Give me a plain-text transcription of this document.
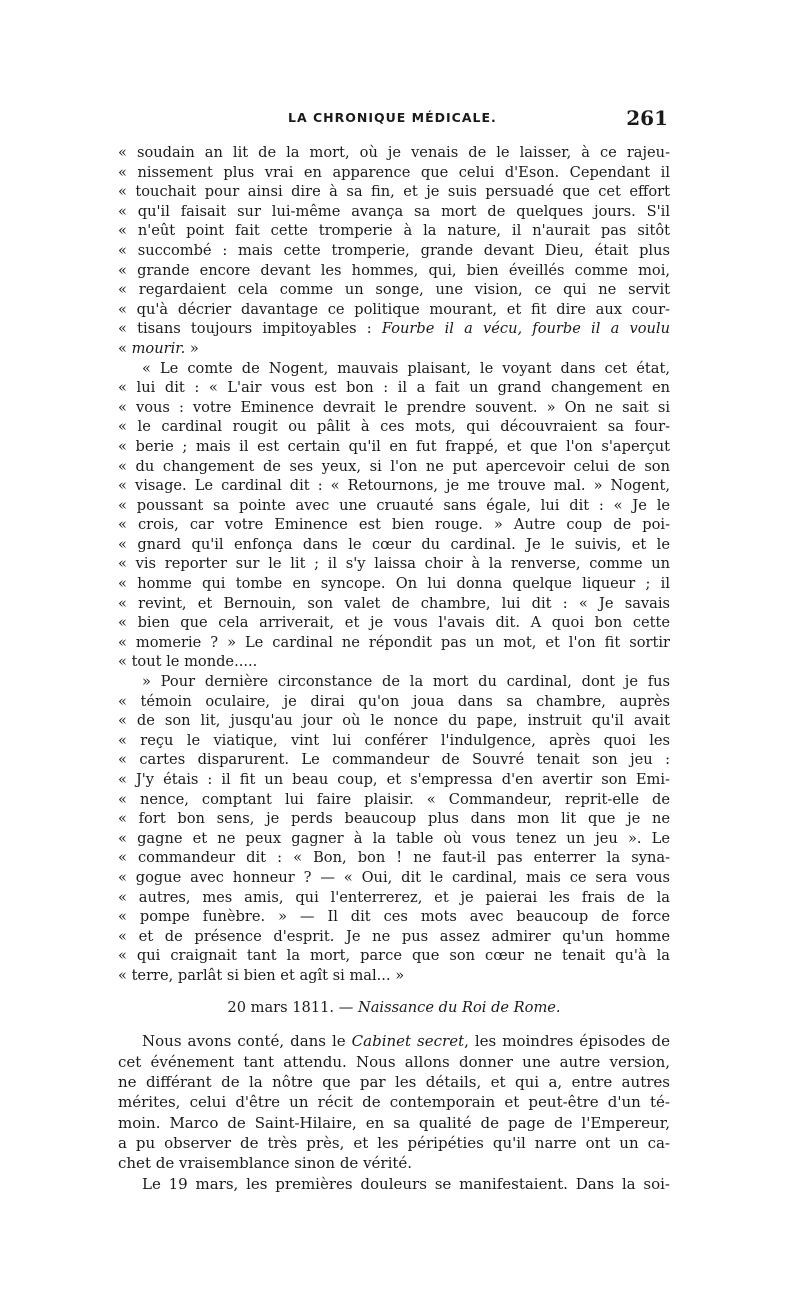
LA CHRONIQUE MÉDICALE.	261
« soudain an lit de la mort, où je venais de le laisser, à ce rajeu-
« nissement plus vrai en apparence que celui d'Eson. Cependant il
« touchait pour ainsi dire à sa fin, et je suis persuadé que cet effort
« qu'il faisait sur lui-même avança sa mort de quelques jours. S'il
« n'eût point fait cette tromperie à la nature, il n'aurait pas sitôt
« succombé : mais cette tromperie, grande devant Dieu, était plus
« grande encore devant les hommes, qui, bien éveillés comme moi,
« regardaient cela comme un songe, une vision, ce qui ne servit
« qu'à décrier davantage ce politique mourant, et fit dire aux cour-
« tisans toujours impitoyables : Fourbe il a vécu, fourbe il a voulu
« mourir. »
« Le comte de Nogent, mauvais plaisant, le voyant dans cet état,
« lui dit : « L'air vous est bon : il a fait un grand changement en
« vous : votre Eminence devrait le prendre souvent. » On ne sait si
« le cardinal rougit ou pâlit à ces mots, qui découvraient sa four-
« berie ; mais il est certain qu'il en fut frappé, et que l'on s'aperçut
« du changement de ses yeux, si l'on ne put apercevoir celui de son
« visage. Le cardinal dit : « Retournons, je me trouve mal. » Nogent,
« poussant sa pointe avec une cruauté sans égale, lui dit : « Je le
« crois, car votre Eminence est bien rouge. » Autre coup de poi-
« gnard qu'il enfonça dans le cœur du cardinal. Je le suivis, et le
« vis reporter sur le lit ; il s'y laissa choir à la renverse, comme un
« homme qui tombe en syncope. On lui donna quelque liqueur ; il
« revint, et Bernouin, son valet de chambre, lui dit : « Je savais
« bien que cela arriverait, et je vous l'avais dit. A quoi bon cette
« momerie ? » Le cardinal ne répondit pas un mot, et l'on fit sortir
« tout le monde.....
» Pour dernière circonstance de la mort du cardinal, dont je fus
« témoin oculaire, je dirai qu'on joua dans sa chambre, auprès
« de son lit, jusqu'au jour où le nonce du pape, instruit qu'il avait
« reçu le viatique, vint lui conférer l'indulgence, après quoi les
« cartes disparurent. Le commandeur de Souvré tenait son jeu :
« J'y étais : il fit un beau coup, et s'empressa d'en avertir son Emi-
« nence, comptant lui faire plaisir. « Commandeur, reprit-elle de
« fort bon sens, je perds beaucoup plus dans mon lit que je ne
« gagne et ne peux gagner à la table où vous tenez un jeu ». Le
« commandeur dit : « Bon, bon ! ne faut-il pas enterrer la syna-
« gogue avec honneur ? — « Oui, dit le cardinal, mais ce sera vous
« autres, mes amis, qui l'enterrerez, et je paierai les frais de la
« pompe funèbre. » — Il dit ces mots avec beaucoup de force
« et de présence d'esprit. Je ne pus assez admirer qu'un homme
« qui craignait tant la mort, parce que son cœur ne tenait qu'à la
« terre, parlât si bien et agît si mal... »
20 mars 1811. — Naissance du Roi de Rome.
Nous avons conté, dans le Cabinet secret, les moindres épisodes de
cet événement tant attendu. Nous allons donner une autre version,
ne différant de la nôtre que par les détails, et qui a, entre autres
mérites, celui d'être un récit de contemporain et peut-être d'un té-
moin. Marco de Saint-Hilaire, en sa qualité de page de l'Empereur,
a pu observer de très près, et les péripéties qu'il narre ont un ca-
chet de vraisemblance sinon de vérité.
Le 19 mars, les premières douleurs se manifestaient. Dans la soi-
